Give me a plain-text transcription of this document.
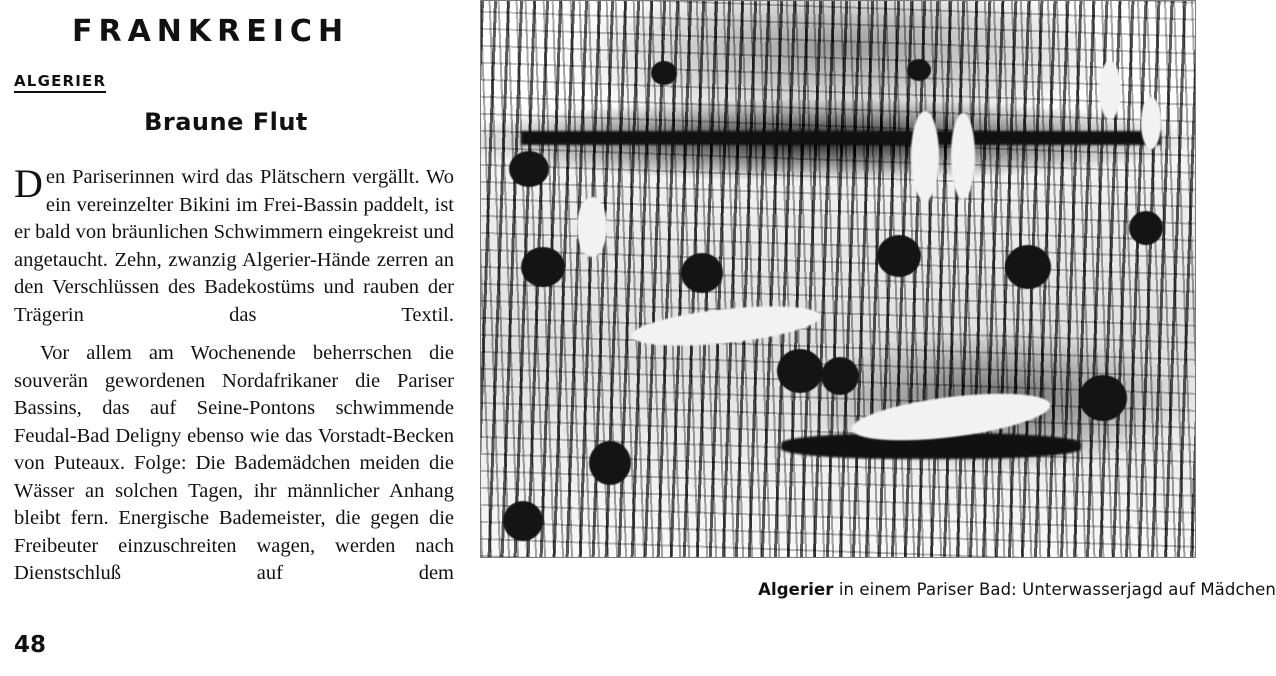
FRANKREICH
ALGERIER
Braune Flut

Den Pariserinnen wird das Plätschern vergällt. Wo ein vereinzelter Bikini im Frei-Bassin paddelt, ist er bald von bräunlichen Schwimmern eingekreist und angetaucht. Zehn, zwanzig Algerier-Hände zerren an den Verschlüssen des Badekostüms und rauben der Trägerin das Textil.

Vor allem am Wochenende beherrschen die souverän gewordenen Nordafrikaner die Pariser Bassins, das auf Seine-Pontons schwimmende Feudal-Bad Deligny ebenso wie das Vorstadt-Becken von Puteaux. Folge: Die Bademädchen meiden die Wässer an solchen Tagen, ihr männlicher Anhang bleibt fern. Energische Bademeister, die gegen die Freibeuter einzuschreiten wagen, werden nach Dienstschluß auf dem

48
Algerier in einem Pariser Bad: Unterwasserjagd auf Mädchen
